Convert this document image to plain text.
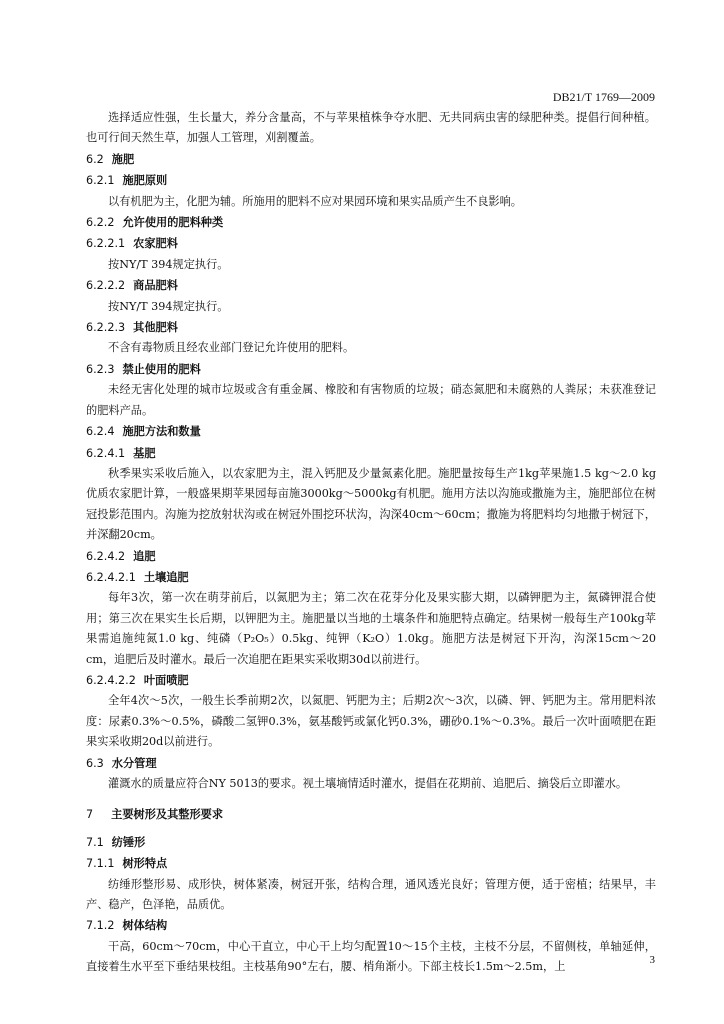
DB21/T 1769—2009

选择适应性强，生长量大，养分含量高，不与苹果植株争夺水肥、无共同病虫害的绿肥种类。提倡行间种植。也可行间天然生草，加强人工管理，刈割覆盖。

6.2 施肥

6.2.1 施肥原则

以有机肥为主，化肥为辅。所施用的肥料不应对果园环境和果实品质产生不良影响。

6.2.2 允许使用的肥料种类

6.2.2.1 农家肥料

按NY/T 394规定执行。

6.2.2.2 商品肥料

按NY/T 394规定执行。

6.2.2.3 其他肥料

不含有毒物质且经农业部门登记允许使用的肥料。

6.2.3 禁止使用的肥料

未经无害化处理的城市垃圾或含有重金属、橡胶和有害物质的垃圾；硝态氮肥和未腐熟的人粪尿；未获准登记的肥料产品。

6.2.4 施肥方法和数量

6.2.4.1 基肥

秋季果实采收后施入，以农家肥为主，混入钙肥及少量氮素化肥。施肥量按每生产1kg苹果施1.5 kg～2.0 kg优质农家肥计算，一般盛果期苹果园每亩施3000kg～5000kg有机肥。施用方法以沟施或撒施为主，施肥部位在树冠投影范围内。沟施为挖放射状沟或在树冠外围挖环状沟，沟深40cm～60cm；撒施为将肥料均匀地撒于树冠下，并深翻20cm。

6.2.4.2 追肥

6.2.4.2.1 土壤追肥

每年3次，第一次在萌芽前后，以氮肥为主；第二次在花芽分化及果实膨大期，以磷钾肥为主，氮磷钾混合使用；第三次在果实生长后期，以钾肥为主。施肥量以当地的土壤条件和施肥特点确定。结果树一般每生产100kg苹果需追施纯氮1.0 kg、纯磷（P₂O₅）0.5kg、纯钾（K₂O）1.0kg。施肥方法是树冠下开沟，沟深15cm～20 cm，追肥后及时灌水。最后一次追肥在距果实采收期30d以前进行。

6.2.4.2.2 叶面喷肥

全年4次～5次，一般生长季前期2次，以氮肥、钙肥为主；后期2次～3次，以磷、钾、钙肥为主。常用肥料浓度：尿素0.3%～0.5%，磷酸二氢钾0.3%，氨基酸钙或氯化钙0.3%，硼砂0.1%～0.3%。最后一次叶面喷肥在距果实采收期20d以前进行。

6.3 水分管理

灌溉水的质量应符合NY 5013的要求。视土壤墒情适时灌水，提倡在花期前、追肥后、摘袋后立即灌水。

7 主要树形及其整形要求

7.1 纺锤形

7.1.1 树形特点

纺缍形整形易、成形快，树体紧凑，树冠开张，结构合理，通风透光良好；管理方便，适于密植；结果早，丰产、稳产，色泽艳，品质优。

7.1.2 树体结构

干高，60cm～70cm，中心干直立，中心干上均匀配置10～15个主枝，主枝不分层，不留侧枝，单轴延伸，直接着生水平至下垂结果枝组。主枝基角90°左右，腰、梢角渐小。下部主枝长1.5m～2.5m，上

3
